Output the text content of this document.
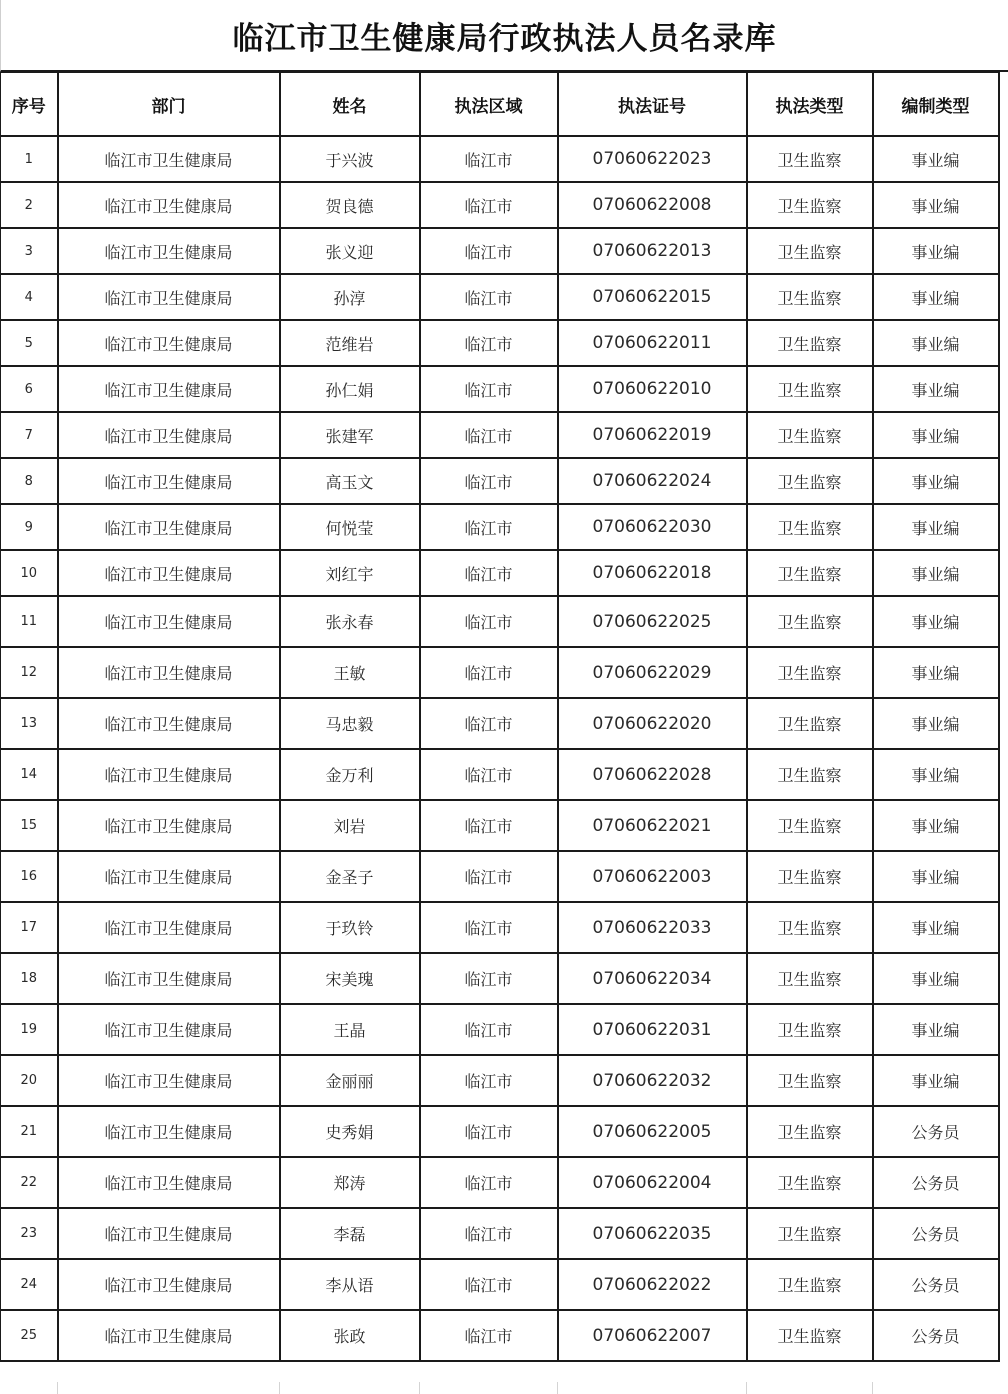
临江市卫生健康局行政执法人员名录库
序号	部门	姓名	执法区域	执法证号	执法类型	编制类型
1	临江市卫生健康局	于兴波	临江市	07060622023	卫生监察	事业编
2	临江市卫生健康局	贺良德	临江市	07060622008	卫生监察	事业编
3	临江市卫生健康局	张义迎	临江市	07060622013	卫生监察	事业编
4	临江市卫生健康局	孙淳	临江市	07060622015	卫生监察	事业编
5	临江市卫生健康局	范维岩	临江市	07060622011	卫生监察	事业编
6	临江市卫生健康局	孙仁娟	临江市	07060622010	卫生监察	事业编
7	临江市卫生健康局	张建军	临江市	07060622019	卫生监察	事业编
8	临江市卫生健康局	高玉文	临江市	07060622024	卫生监察	事业编
9	临江市卫生健康局	何悦莹	临江市	07060622030	卫生监察	事业编
10	临江市卫生健康局	刘红宇	临江市	07060622018	卫生监察	事业编
11	临江市卫生健康局	张永春	临江市	07060622025	卫生监察	事业编
12	临江市卫生健康局	王敏	临江市	07060622029	卫生监察	事业编
13	临江市卫生健康局	马忠毅	临江市	07060622020	卫生监察	事业编
14	临江市卫生健康局	金万利	临江市	07060622028	卫生监察	事业编
15	临江市卫生健康局	刘岩	临江市	07060622021	卫生监察	事业编
16	临江市卫生健康局	金圣子	临江市	07060622003	卫生监察	事业编
17	临江市卫生健康局	于玖铃	临江市	07060622033	卫生监察	事业编
18	临江市卫生健康局	宋美瑰	临江市	07060622034	卫生监察	事业编
19	临江市卫生健康局	王晶	临江市	07060622031	卫生监察	事业编
20	临江市卫生健康局	金丽丽	临江市	07060622032	卫生监察	事业编
21	临江市卫生健康局	史秀娟	临江市	07060622005	卫生监察	公务员
22	临江市卫生健康局	郑涛	临江市	07060622004	卫生监察	公务员
23	临江市卫生健康局	李磊	临江市	07060622035	卫生监察	公务员
24	临江市卫生健康局	李从语	临江市	07060622022	卫生监察	公务员
25	临江市卫生健康局	张政	临江市	07060622007	卫生监察	公务员
